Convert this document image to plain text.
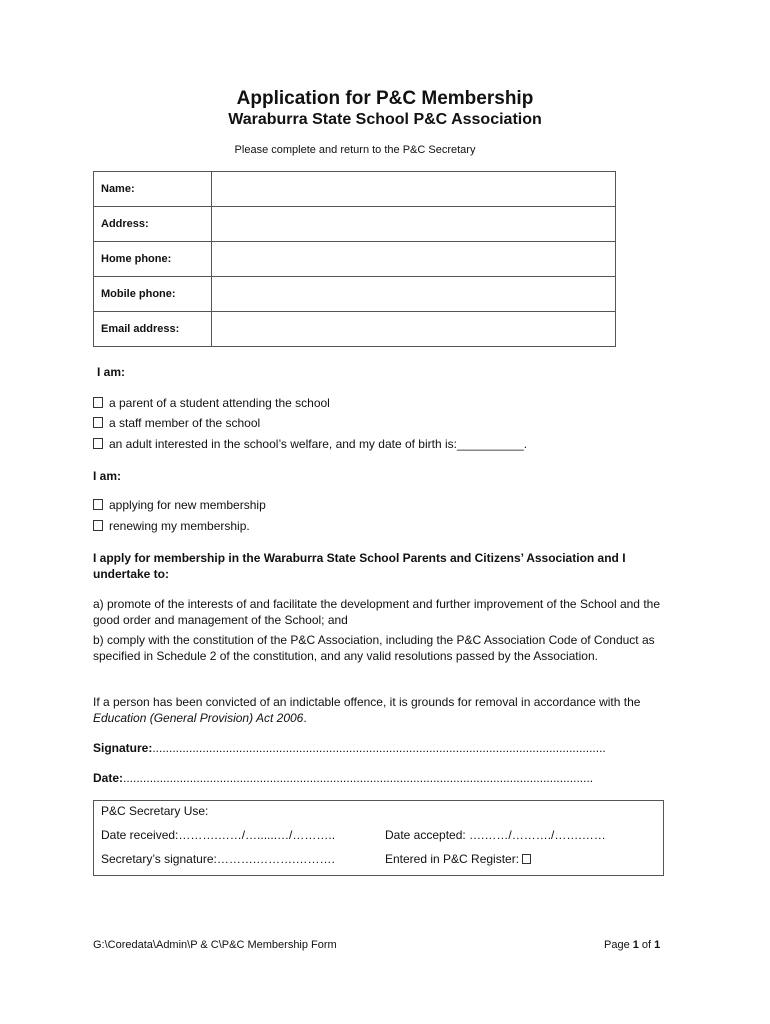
Application for P&C Membership
Waraburra State School P&C Association
Please complete and return to the P&C Secretary
Name:	
Address:	
Home phone:	
Mobile phone:	
Email address:	
I am:
a parent of a student attending the school
a staff member of the school
an adult interested in the school’s welfare, and my date of birth is:__________.
I am:
applying for new membership
renewing my membership.
I apply for membership in the Waraburra State School Parents and Citizens’ Association and I undertake to:
a) promote of the interests of and facilitate the development and further improvement of the School and the good order and management of the School; and
b) comply with the constitution of the P&C Association, including the P&C Association Code of Conduct as specified in Schedule 2 of the constitution, and any valid resolutions passed by the Association.
If a person has been convicted of an indictable offence, it is grounds for removal in accordance with the Education (General Provision) Act 2006.
Signature:........................................................................................................................................
Date:.............................................................................................................................................
P&C Secretary Use:
Date received:……….……/…......…/………..	Date accepted: ….……/………./…….……
Secretary’s signature:……….……….……….	Entered in P&C Register:
G:\Coredata\Admin\P & C\P&C Membership Form	Page 1 of 1
